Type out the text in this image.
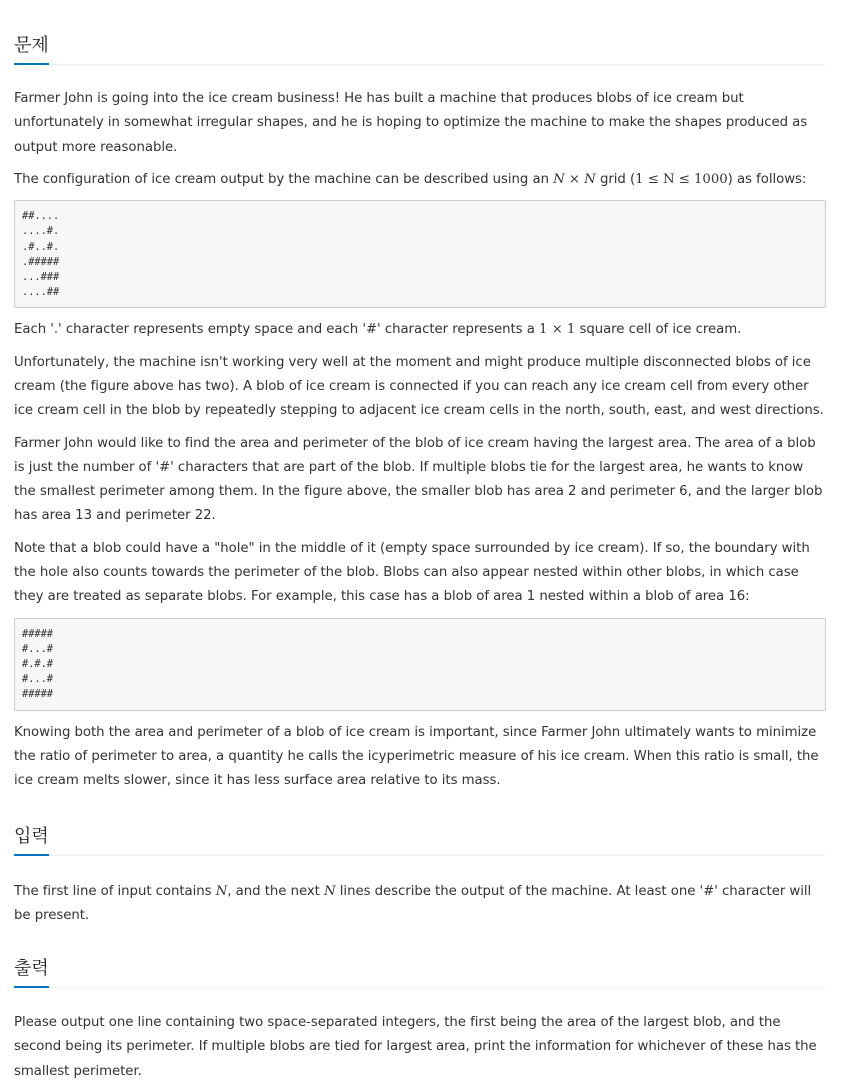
문제

Farmer John is going into the ice cream business! He has built a machine that produces blobs of ice cream but unfortunately in somewhat irregular shapes, and he is hoping to optimize the machine to make the shapes produced as output more reasonable.

The configuration of ice cream output by the machine can be described using an N × N grid (1 ≤ N ≤ 1000) as follows:

##....
....#.
.#..#.
.#####
...###
....##

Each '.' character represents empty space and each '#' character represents a 1 × 1 square cell of ice cream.

Unfortunately, the machine isn't working very well at the moment and might produce multiple disconnected blobs of ice cream (the figure above has two). A blob of ice cream is connected if you can reach any ice cream cell from every other ice cream cell in the blob by repeatedly stepping to adjacent ice cream cells in the north, south, east, and west directions.

Farmer John would like to find the area and perimeter of the blob of ice cream having the largest area. The area of a blob is just the number of '#' characters that are part of the blob. If multiple blobs tie for the largest area, he wants to know the smallest perimeter among them. In the figure above, the smaller blob has area 2 and perimeter 6, and the larger blob has area 13 and perimeter 22.

Note that a blob could have a "hole" in the middle of it (empty space surrounded by ice cream). If so, the boundary with the hole also counts towards the perimeter of the blob. Blobs can also appear nested within other blobs, in which case they are treated as separate blobs. For example, this case has a blob of area 1 nested within a blob of area 16:

#####
#...#
#.#.#
#...#
#####

Knowing both the area and perimeter of a blob of ice cream is important, since Farmer John ultimately wants to minimize the ratio of perimeter to area, a quantity he calls the icyperimetric measure of his ice cream. When this ratio is small, the ice cream melts slower, since it has less surface area relative to its mass.

입력

The first line of input contains N, and the next N lines describe the output of the machine. At least one '#' character will be present.

출력

Please output one line containing two space-separated integers, the first being the area of the largest blob, and the second being its perimeter. If multiple blobs are tied for largest area, print the information for whichever of these has the smallest perimeter.
